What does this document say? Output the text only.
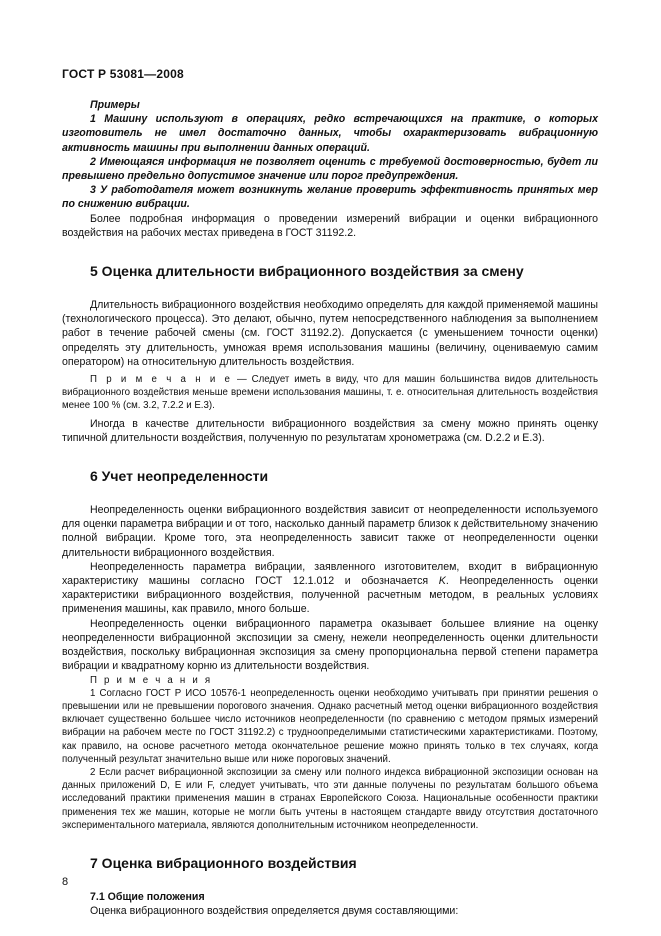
ГОСТ Р 53081—2008

Примеры

1 Машину используют в операциях, редко встречающихся на практике, о которых изготовитель не имел достаточно данных, чтобы охарактеризовать вибрационную активность машины при выполнении данных операций.

2 Имеющаяся информация не позволяет оценить с требуемой достоверностью, будет ли превышено предельно допустимое значение или порог предупреждения.

3 У работодателя может возникнуть желание проверить эффективность принятых мер по снижению вибрации.

Более подробная информация о проведении измерений вибрации и оценки вибрационного воздействия на рабочих местах приведена в ГОСТ 31192.2.

5 Оценка длительности вибрационного воздействия за смену

Длительность вибрационного воздействия необходимо определять для каждой применяемой машины (технологического процесса). Это делают, обычно, путем непосредственного наблюдения за выполнением работ в течение рабочей смены (см. ГОСТ 31192.2). Допускается (с уменьшением точности оценки) определять эту длительность, умножая время использования машины (величину, оцениваемую самим оператором) на относительную длительность воздействия.

П р и м е ч а н и е — Следует иметь в виду, что для машин большинства видов длительность вибрационного воздействия меньше времени использования машины, т. е. относительная длительность воздействия менее 100 % (см. 3.2, 7.2.2 и Е.3).

Иногда в качестве длительности вибрационного воздействия за смену можно принять оценку типичной длительности воздействия, полученную по результатам хронометража (см. D.2.2 и Е.3).

6 Учет неопределенности

Неопределенность оценки вибрационного воздействия зависит от неопределенности используемого для оценки параметра вибрации и от того, насколько данный параметр близок к действительному значению полной вибрации. Кроме того, эта неопределенность зависит также от неопределенности оценки длительности вибрационного воздействия.

Неопределенность параметра вибрации, заявленного изготовителем, входит в вибрационную характеристику машины согласно ГОСТ 12.1.012 и обозначается K. Неопределенность оценки характеристики вибрационного воздействия, полученной расчетным методом, в реальных условиях применения машины, как правило, много больше.

Неопределенность оценки вибрационного параметра оказывает большее влияние на оценку неопределенности вибрационной экспозиции за смену, нежели неопределенность оценки длительности воздействия, поскольку вибрационная экспозиция за смену пропорциональна первой степени параметра вибрации и квадратному корню из длительности воздействия.

П р и м е ч а н и я

1 Согласно ГОСТ Р ИСО 10576-1 неопределенность оценки необходимо учитывать при принятии решения о превышении или не превышении порогового значения. Однако расчетный метод оценки вибрационного воздействия включает существенно большее число источников неопределенности (по сравнению с методом прямых измерений вибрации на рабочем месте по ГОСТ 31192.2) с трудноопределимыми статистическими характеристиками. Поэтому, как правило, на основе расчетного метода окончательное решение можно принять только в тех случаях, когда полученный результат значительно выше или ниже пороговых значений.

2 Если расчет вибрационной экспозиции за смену или полного индекса вибрационной экспозиции основан на данных приложений D, Е или F, следует учитывать, что эти данные получены по результатам большого объема исследований практики применения машин в странах Европейского Союза. Национальные особенности практики применения тех же машин, которые не могли быть учтены в настоящем стандарте ввиду отсутствия достаточного экспериментального материала, являются дополнительным источником неопределенности.

7 Оценка вибрационного воздействия
7.1 Общие положения

Оценка вибрационного воздействия определяется двумя составляющими:

8
